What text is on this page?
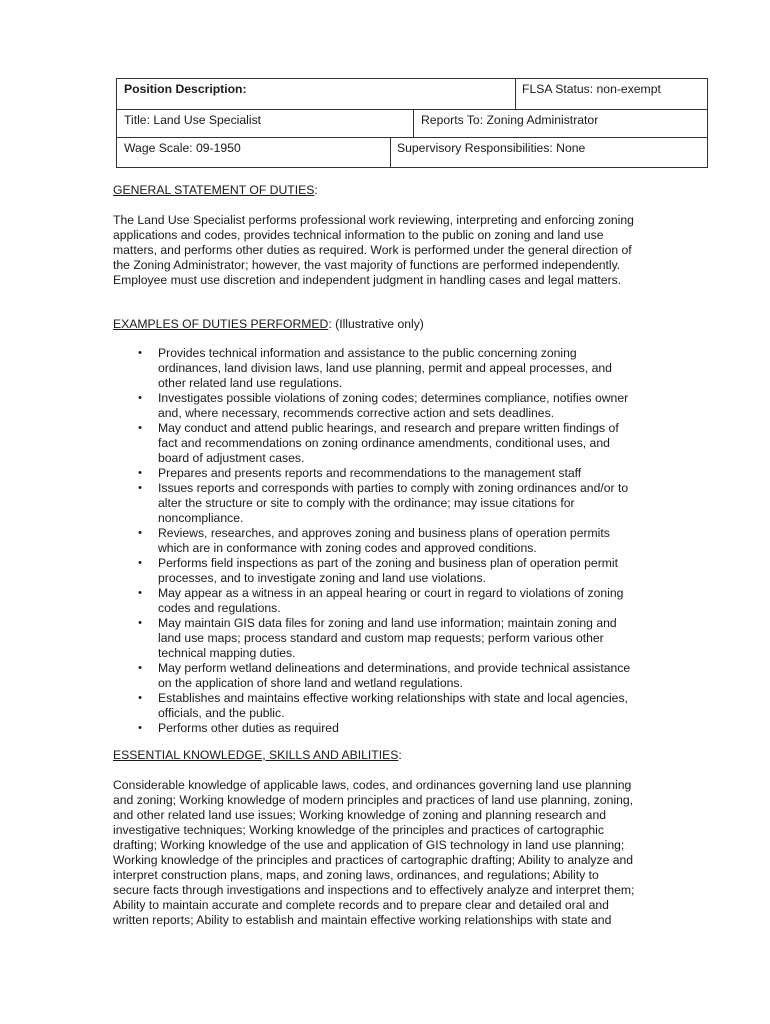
Position Description:	FLSA Status: non-exempt
Title: Land Use Specialist	Reports To: Zoning Administrator
Wage Scale: 09-1950	Supervisory Responsibilities: None
GENERAL STATEMENT OF DUTIES:
The Land Use Specialist performs professional work reviewing, interpreting and enforcing zoning
applications and codes, provides technical information to the public on zoning and land use
matters, and performs other duties as required. Work is performed under the general direction of
the Zoning Administrator; however, the vast majority of functions are performed independently.
Employee must use discretion and independent judgment in handling cases and legal matters.
EXAMPLES OF DUTIES PERFORMED: (Illustrative only)
• Provides technical information and assistance to the public concerning zoning
ordinances, land division laws, land use planning, permit and appeal processes, and
other related land use regulations.
• Investigates possible violations of zoning codes; determines compliance, notifies owner
and, where necessary, recommends corrective action and sets deadlines.
• May conduct and attend public hearings, and research and prepare written findings of
fact and recommendations on zoning ordinance amendments, conditional uses, and
board of adjustment cases.
• Prepares and presents reports and recommendations to the management staff
• Issues reports and corresponds with parties to comply with zoning ordinances and/or to
alter the structure or site to comply with the ordinance; may issue citations for
noncompliance.
• Reviews, researches, and approves zoning and business plans of operation permits
which are in conformance with zoning codes and approved conditions.
• Performs field inspections as part of the zoning and business plan of operation permit
processes, and to investigate zoning and land use violations.
• May appear as a witness in an appeal hearing or court in regard to violations of zoning
codes and regulations.
• May maintain GIS data files for zoning and land use information; maintain zoning and
land use maps; process standard and custom map requests; perform various other
technical mapping duties.
• May perform wetland delineations and determinations, and provide technical assistance
on the application of shore land and wetland regulations.
• Establishes and maintains effective working relationships with state and local agencies,
officials, and the public.
• Performs other duties as required
ESSENTIAL KNOWLEDGE, SKILLS AND ABILITIES:
Considerable knowledge of applicable laws, codes, and ordinances governing land use planning
and zoning; Working knowledge of modern principles and practices of land use planning, zoning,
and other related land use issues; Working knowledge of zoning and planning research and
investigative techniques; Working knowledge of the principles and practices of cartographic
drafting; Working knowledge of the use and application of GIS technology in land use planning;
Working knowledge of the principles and practices of cartographic drafting; Ability to analyze and
interpret construction plans, maps, and zoning laws, ordinances, and regulations; Ability to
secure facts through investigations and inspections and to effectively analyze and interpret them;
Ability to maintain accurate and complete records and to prepare clear and detailed oral and
written reports; Ability to establish and maintain effective working relationships with state and
